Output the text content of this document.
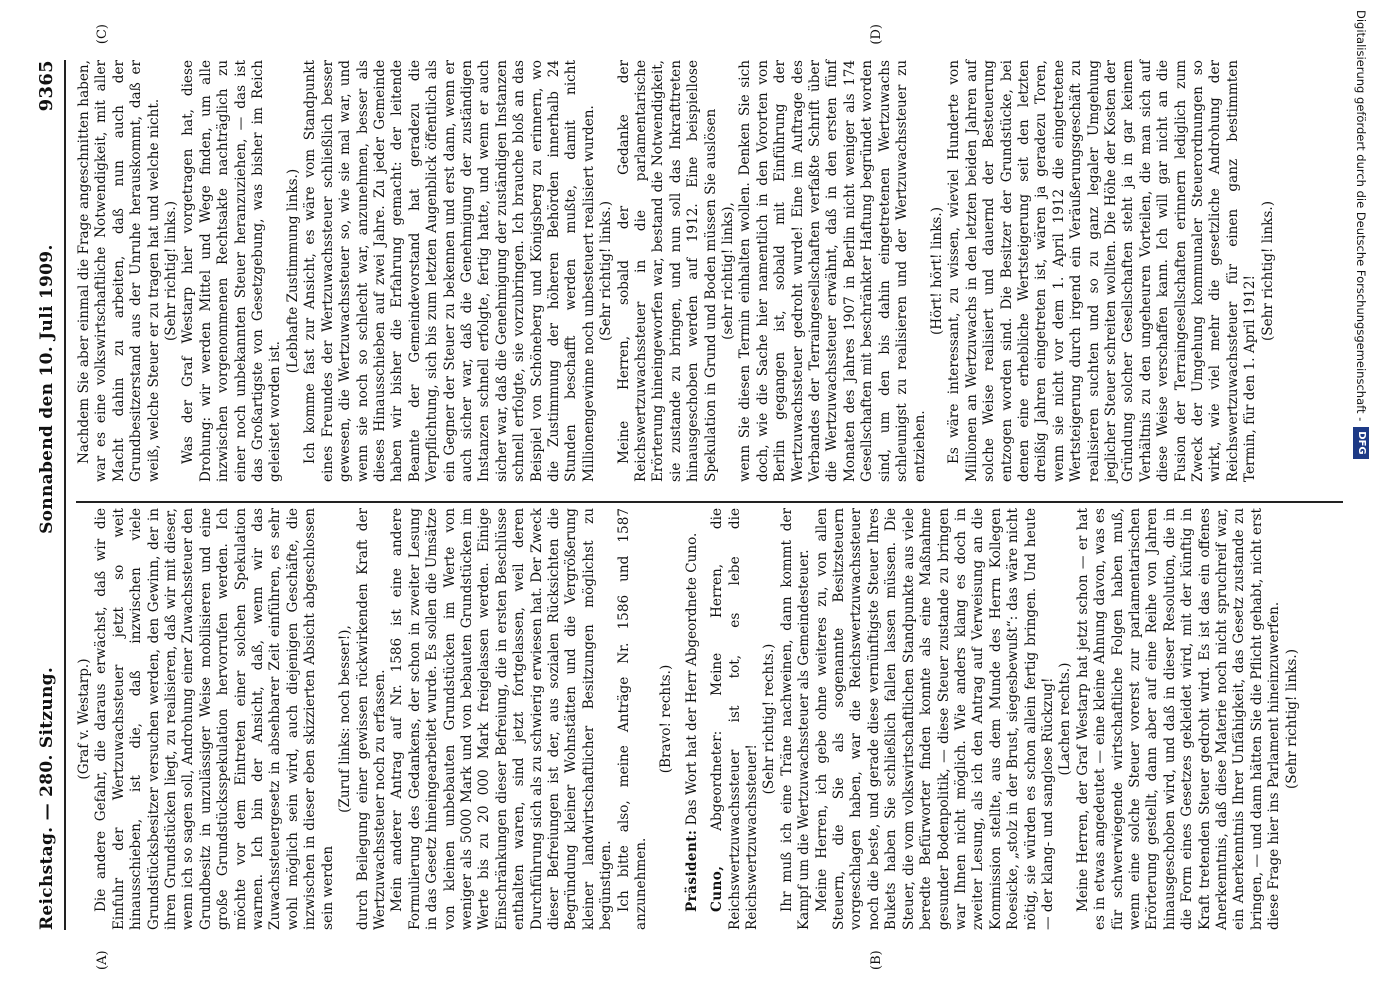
Reichstag. — 280. Sitzung.
Sonnabend den 10. Juli 1909.
9365
(A)	(B)

(Graf v. Westarp.) Die andere Gefahr, die daraus erwächst, daß wir die Einfuhr der Wertzuwachssteuer jetzt so weit hinausschieben, ist die, daß inzwischen viele Grundstücksbesitzer versuchen werden, den Gewinn, der in ihren Grundstücken liegt, zu realisieren, daß wir mit dieser, wenn ich so sagen soll, Androhung einer Zuwachssteuer den Grundbesitz in unzulässiger Weise mobilisieren und eine große Grundstücksspekulation hervorrufen werden. Ich möchte vor dem Eintreten einer solchen Spekulation warnen. Ich bin der Ansicht, daß, wenn wir das Zuwachssteuergesetz in absehbarer Zeit einführen, es sehr wohl möglich sein wird, auch diejenigen Geschäfte, die inzwischen in dieser eben skizzierten Absicht abgeschlossen sein werden

(Zuruf links: noch besser!), durch Beilegung einer gewissen rückwirkenden Kraft der Wertzuwachssteuer noch zu erfassen. Mein anderer Antrag auf Nr. 1586 ist eine andere Formulierung des Gedankens, der schon in zweiter Lesung in das Gesetz hineingearbeitet wurde. Es sollen die Umsätze von kleinen unbebauten Grundstücken im Werte von weniger als 5000 Mark und von bebauten Grundstücken im Werte bis zu 20 000 Mark freigelassen werden. Einige Einschränkungen dieser Befreiung, die in ersten Beschlüsse enthalten waren, sind jetzt fortgelassen, weil deren Durchführung sich als zu schwierig erwiesen hat. Der Zweck dieser Befreiungen ist der, aus sozialen Rücksichten die Begründung kleiner Wohnstätten und die Vergrößerung kleiner landwirtschaftlicher Besitzungen möglichst zu begünstigen. Ich bitte also, meine Anträge Nr. 1586 und 1587 anzunehmen.

(Bravo! rechts.)

Präsident: Das Wort hat der Herr Abgeordnete Cuno.

Cuno, Abgeordneter: Meine Herren, die Reichswertzuwachssteuer ist tot, es lebe die Reichswertzuwachssteuer!

(Sehr richtig! rechts.) Ihr muß ich eine Träne nachweinen, dann kommt der Kampf um die Wertzuwachssteuer als Gemeindesteuer. Meine Herren, ich gebe ohne weiteres zu, von allen Steuern, die Sie als sogenannte Besitzsteuern vorgeschlagen haben, war die Reichswertzuwachssteuer noch die beste, und gerade diese vernünftigste Steuer Ihres Bukets haben Sie schließlich fallen lassen müssen. Die Steuer, die vom volkswirtschaftlichen Standpunkte aus viele beredte Befürworter finden konnte als eine Maßnahme gesunder Bodenpolitik, — diese Steuer zustande zu bringen war Ihnen nicht möglich. Wie anders klang es doch in zweiter Lesung, als ich den Antrag auf Verweisung an die Kommission stellte, aus dem Munde des Herrn Kollegen Roesicke, „stolz in der Brust, siegesbewußt“: das wäre nicht nötig, sie würden es schon allein fertig bringen. Und heute — der klang- und sanglose Rückzug! (Lachen rechts.) Meine Herren, der Graf Westarp hat jetzt schon — er hat es in etwas angedeutet — eine kleine Ahnung davon, was es für schwerwiegende wirtschaftliche Folgen haben muß, wenn eine solche Steuer vorerst zur parlamentarischen Erörterung gestellt, dann aber auf eine Reihe von Jahren hinausgeschoben wird, und daß in dieser Resolution, die in die Form eines Gesetzes gekleidet wird, mit der künftig in Kraft tretenden Steuer gedroht wird. Es ist das ein offenes Anerkenntnis, daß diese Materie noch nicht spruchreif war, ein Anerkenntnis Ihrer Unfähigkeit, das Gesetz zustande zu bringen, — und dann hätten Sie die Pflicht gehabt, nicht erst diese Frage hier ins Parlament hineinzuwerfen. (Sehr richtig! links.)

(C)	(D)

Nachdem Sie aber einmal die Frage angeschnitten haben, war es eine volkswirtschaftliche Notwendigkeit, mit aller Macht dahin zu arbeiten, daß nun auch der Grundbesitzerstand aus der Unruhe herauskommt, daß er weiß, welche Steuer er zu tragen hat und welche nicht. (Sehr richtig! links.) Was der Graf Westarp hier vorgetragen hat, diese Drohung: wir werden Mittel und Wege finden, um alle inzwischen vorgenommenen Rechtsakte nachträglich zu einer noch unbekannten Steuer heranzuziehen, — das ist das Großartigste von Gesetzgebung, was bisher im Reich geleistet worden ist.

(Lebhafte Zustimmung links.) Ich komme fast zur Ansicht, es wäre vom Standpunkt eines Freundes der Wertzuwachssteuer schließlich besser gewesen, die Wertzuwachssteuer so, wie sie mal war, und wenn sie noch so schlecht war, anzunehmen, besser als dieses Hinausschieben auf zwei Jahre. Zu jeder Gemeinde haben wir bisher die Erfahrung gemacht: der leitende Beamte der Gemeindevorstand hat geradezu die Verpflichtung, sich bis zum letzten Augenblick öffentlich als ein Gegner der Steuer zu bekennen und erst dann, wenn er auch sicher war, daß die Genehmigung der zuständigen Instanzen schnell erfolgte, fertig hatte, und wenn er auch sicher war, daß die Genehmigung der zuständigen Instanzen schnell erfolgte, sie vorzubringen. Ich brauche bloß an das Beispiel von Schöneberg und Königsberg zu erinnern, wo die Zustimmung der höheren Behörden innerhalb 24 Stunden beschafft werden mußte, damit nicht Millionengewinne noch unbesteuert realisiert wurden. (Sehr richtig! links.) Meine Herren, sobald der Gedanke der Reichswertzuwachssteuer in die parlamentarische Erörterung hineingeworfen war, bestand die Notwendigkeit, sie zustande zu bringen, und nun soll das Inkrafttreten hinausgeschoben werden auf 1912. Eine beispiellose Spekulation in Grund und Boden müssen Sie auslösen (sehr richtig! links), wenn Sie diesen Termin einhalten wollen. Denken Sie sich doch, wie die Sache hier namentlich in den Vororten von Berlin gegangen ist, sobald mit Einführung der Wertzuwachssteuer gedroht wurde! Eine im Auftrage des Verbandes der Terraingesellschaften verfaßte Schrift über die Wertzuwachssteuer erwähnt, daß in den ersten fünf Monaten des Jahres 1907 in Berlin nicht weniger als 174 Gesellschaften mit beschränkter Haftung begründet worden sind, um den bis dahin eingetretenen Wertzuwachs schleunigst zu realisieren und der Wertzuwachssteuer zu entziehen.

(Hört! hört! links.) Es wäre interessant, zu wissen, wieviel Hunderte von Millionen an Wertzuwachs in den letzten beiden Jahren auf solche Weise realisiert und dauernd der Besteuerung entzogen worden sind. Die Besitzer der Grundstücke, bei denen eine erhebliche Wertsteigerung seit den letzten dreißig Jahren eingetreten ist, wären ja geradezu Toren, wenn sie nicht vor dem 1. April 1912 die eingetretene Wertsteigerung durch irgend ein Veräußerungsgeschäft zu realisieren suchten und so zu ganz legaler Umgehung jeglicher Steuer schreiten wollten. Die Höhe der Kosten der Gründung solcher Gesellschaften steht ja in gar keinem Verhältnis zu den ungeheuren Vorteilen, die man sich auf diese Weise verschaffen kann. Ich will gar nicht an die Fusion der Terraingesellschaften erinnern lediglich zum Zweck der Umgehung kommunaler Steuerordnungen so wirkt, wie viel mehr die gesetzliche Androhung der Reichswertzuwachssteuer für einen ganz bestimmten Termin, für den 1. April 1912!

(Sehr richtig! links.)	Digitalisierung gefördert durch die Deutsche Forschungsgemeinschaft -
DFG
